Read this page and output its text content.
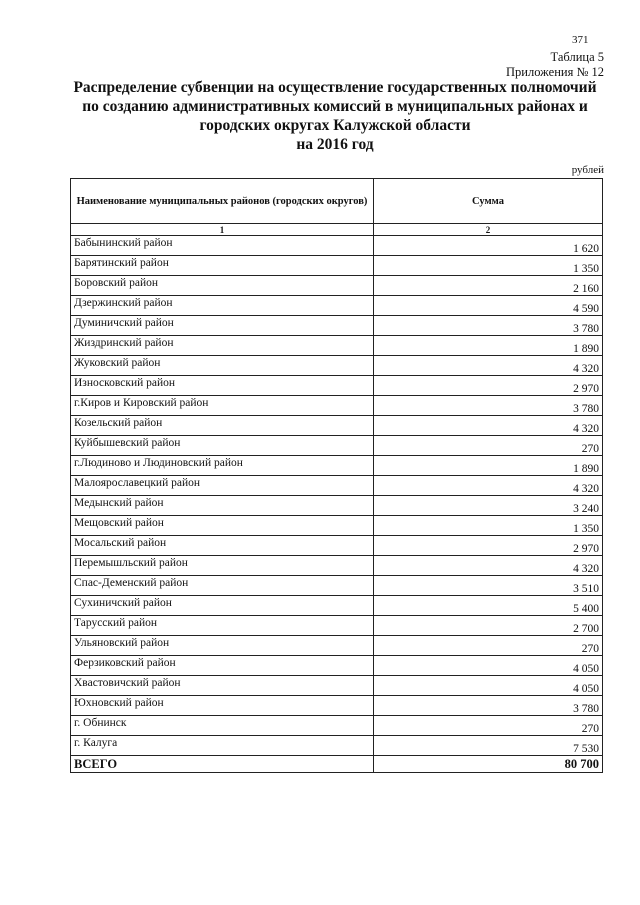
371
Таблица 5
Приложения № 12
Распределение субвенции на осуществление государственных полномочий
по созданию административных комиссий в муниципальных районах и
городских округах Калужской области
на 2016 год
рублей
Наименование муниципальных районов (городских округов)	Сумма
1	2
Бабынинский район	1 620
Барятинский район	1 350
Боровский район	2 160
Дзержинский район	4 590
Думиничский район	3 780
Жиздринский район	1 890
Жуковский район	4 320
Износковский район	2 970
г.Киров и Кировский район	3 780
Козельский район	4 320
Куйбышевский район	270
г.Людиново и Людиновский район	1 890
Малоярославецкий район	4 320
Медынский район	3 240
Мещовский район	1 350
Мосальский район	2 970
Перемышльский район	4 320
Спас-Деменский район	3 510
Сухиничский район	5 400
Тарусский район	2 700
Ульяновский район	270
Ферзиковский район	4 050
Хвастовичский район	4 050
Юхновский район	3 780
г. Обнинск	270
г. Калуга	7 530
ВСЕГО	80 700
